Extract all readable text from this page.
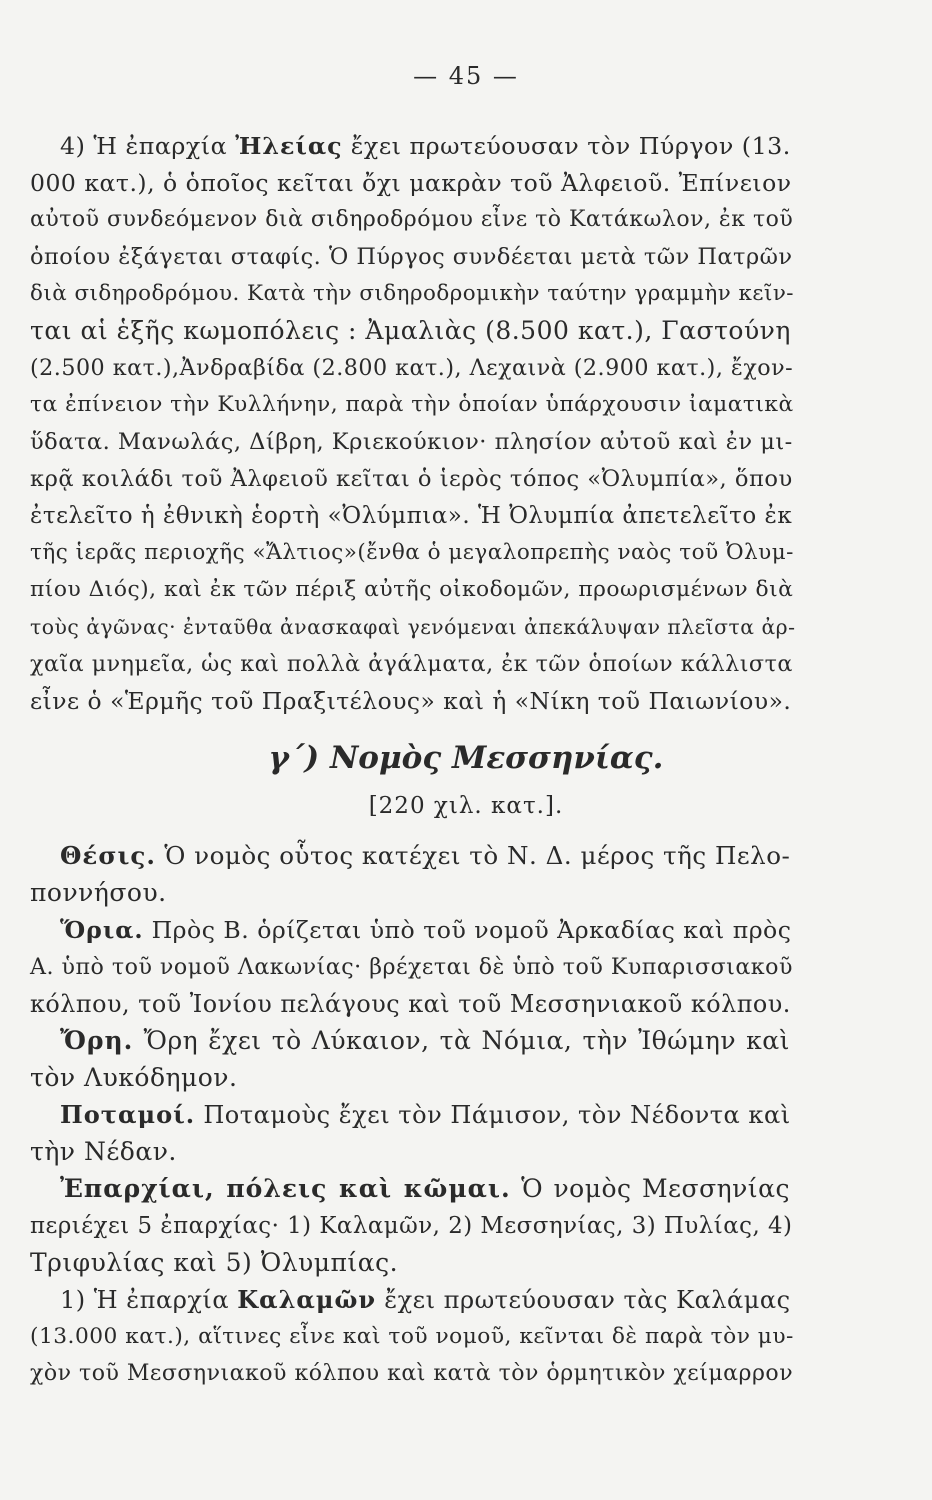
— 45 —
4) Ἡ ἐπαρχία Ἠλείας ἔχει πρωτεύουσαν τὸν Πύργον (13.
000 κατ.), ὁ ὁποῖος κεῖται ὄχι μακρὰν τοῦ Ἀλφειοῦ. Ἐπίνειον
αὐτοῦ συνδεόμενον διὰ σιδηροδρόμου εἶνε τὸ Κατάκωλον, ἐκ τοῦ
ὁποίου ἐξάγεται σταφίς. Ὁ Πύργος συνδέεται μετὰ τῶν Πατρῶν
διὰ σιδηροδρόμου. Κατὰ τὴν σιδηροδρομικὴν ταύτην γραμμὴν κεῖν-
ται αἱ ἑξῆς κωμοπόλεις : Ἀμαλιὰς (8.500 κατ.), Γαστούνη
(2.500 κατ.),Ἀνδραβίδα (2.800 κατ.), Λεχαινὰ (2.900 κατ.), ἔχον-
τα ἐπίνειον τὴν Κυλλήνην, παρὰ τὴν ὁποίαν ὑπάρχουσιν ἰαματικὰ
ὕδατα. Μανωλάς, Δίβρη, Κριεκούκιον· πλησίον αὐτοῦ καὶ ἐν μι-
κρᾷ κοιλάδι τοῦ Ἀλφειοῦ κεῖται ὁ ἱερὸς τόπος «Ὀλυμπία», ὅπου
ἐτελεῖτο ἡ ἐθνικὴ ἑορτὴ «Ὀλύμπια». Ἡ Ὀλυμπία ἀπετελεῖτο ἐκ
τῆς ἱερᾶς περιοχῆς «Ἄλτιος»(ἔνθα ὁ μεγαλοπρεπὴς ναὸς τοῦ Ὀλυμ-
πίου Διός), καὶ ἐκ τῶν πέριξ αὐτῆς οἰκοδομῶν, προωρισμένων διὰ
τοὺς ἀγῶνας· ἐνταῦθα ἀνασκαφαὶ γενόμεναι ἀπεκάλυψαν πλεῖστα ἀρ-
χαῖα μνημεῖα, ὡς καὶ πολλὰ ἀγάλματα, ἐκ τῶν ὁποίων κάλλιστα
εἶνε ὁ «Ἑρμῆς τοῦ Πραξιτέλους» καὶ ἡ «Νίκη τοῦ Παιωνίου».
γ΄) Νομὸς Μεσσηνίας.
[220 χιλ. κατ.].
Θέσις. Ὁ νομὸς οὗτος κατέχει τὸ Ν. Δ. μέρος τῆς Πελο-
ποννήσου.
Ὅρια. Πρὸς Β. ὁρίζεται ὑπὸ τοῦ νομοῦ Ἀρκαδίας καὶ πρὸς
Α. ὑπὸ τοῦ νομοῦ Λακωνίας· βρέχεται δὲ ὑπὸ τοῦ Κυπαρισσιακοῦ
κόλπου, τοῦ Ἰονίου πελάγους καὶ τοῦ Μεσσηνιακοῦ κόλπου.
Ὄρη. Ὄρη ἔχει τὸ Λύκαιον, τὰ Νόμια, τὴν Ἰθώμην καὶ
τὸν Λυκόδημον.
Ποταμοί. Ποταμοὺς ἔχει τὸν Πάμισον, τὸν Νέδοντα καὶ
τὴν Νέδαν.
Ἐπαρχίαι, πόλεις καὶ κῶμαι. Ὁ νομὸς Μεσσηνίας
περιέχει 5 ἐπαρχίας· 1) Καλαμῶν, 2) Μεσσηνίας, 3) Πυλίας, 4)
Τριφυλίας καὶ 5) Ὀλυμπίας.
1) Ἡ ἐπαρχία Καλαμῶν ἔχει πρωτεύουσαν τὰς Καλάμας
(13.000 κατ.), αἵτινες εἶνε καὶ τοῦ νομοῦ, κεῖνται δὲ παρὰ τὸν μυ-
χὸν τοῦ Μεσσηνιακοῦ κόλπου καὶ κατὰ τὸν ὁρμητικὸν χείμαρρον
